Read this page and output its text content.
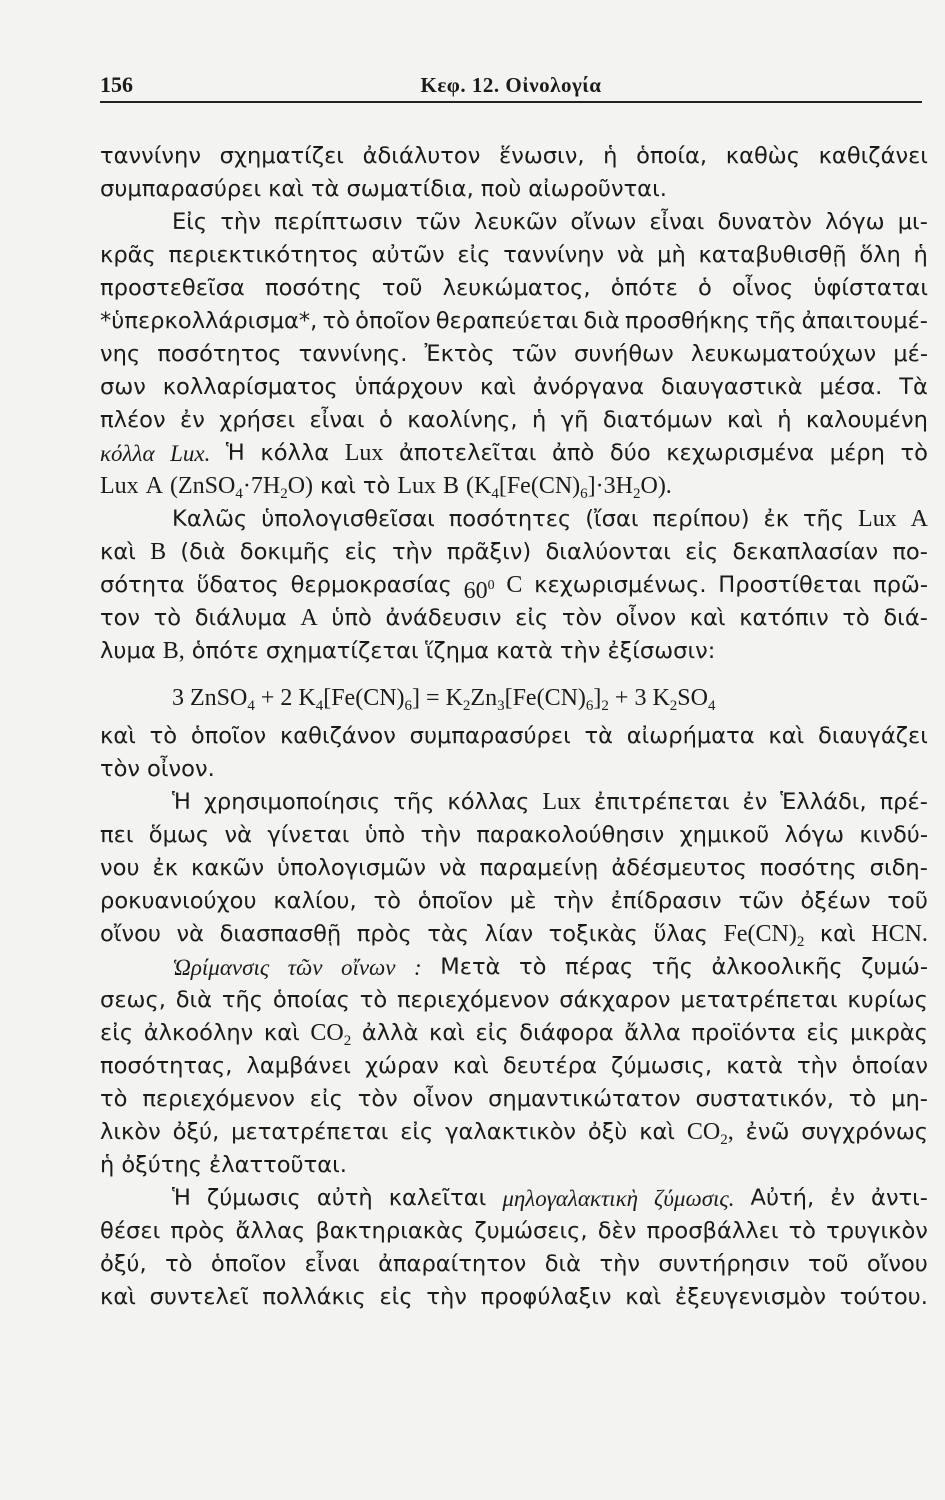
156	Κεφ. 12. Οἰνολογία
ταννίνην σχηματίζει ἀδιάλυτον ἕνωσιν, ἡ ὁποία, καθὼς καθιζάνει
συμπαρασύρει καὶ τὰ σωματίδια, ποὺ αἰωροῦνται.
Εἰς τὴν περίπτωσιν τῶν λευκῶν οἴνων εἶναι δυνατὸν λόγω μι-
κρᾶς περιεκτικότητος αὐτῶν εἰς ταννίνην νὰ μὴ καταβυθισθῇ ὅλη ἡ
προστεθεῖσα ποσότης τοῦ λευκώματος, ὁπότε ὁ οἶνος ὑφίσταται
*ὑπερκολλάρισμα*, τὸ ὁποῖον θεραπεύεται διὰ προσθήκης τῆς ἀπαιτουμέ-
νης ποσότητος ταννίνης. Ἐκτὸς τῶν συνήθων λευκωματούχων μέ-
σων κολλαρίσματος ὑπάρχουν καὶ ἀνόργανα διαυγαστικὰ μέσα. Τὰ
πλέον ἐν χρήσει εἶναι ὁ καολίνης, ἡ γῆ διατόμων καὶ ἡ καλουμένη
κόλλα Lux. Ἡ κόλλα Lux ἀποτελεῖται ἀπὸ δύο κεχωρισμένα μέρη τὸ
Lux A $(ZnSO_4\cdot 7H_2O)$ καὶ τὸ Lux B $(K_4[Fe(CN)_6]\cdot 3H_2O)$.
Καλῶς ὑπολογισθεῖσαι ποσότητες (ἴσαι περίπου) ἐκ τῆς Lux A
καὶ B (διὰ δοκιμῆς εἰς τὴν πρᾶξιν) διαλύονται εἰς δεκαπλασίαν πο-
σότητα ὕδατος θερμοκρασίας $60^0$ C κεχωρισμένως. Προστίθεται πρῶ-
τον τὸ διάλυμα A ὑπὸ ἀνάδευσιν εἰς τὸν οἶνον καὶ κατόπιν τὸ διά-
λυμα B, ὁπότε σχηματίζεται ἵζημα κατὰ τὴν ἐξίσωσιν:
3 ZnSO$_4$ + 2 $K_4[Fe(CN)_6] = K_2Zn_3[Fe(CN)_6]_2 + 3$ $K_2SO_4$
καὶ τὸ ὁποῖον καθιζάνον συμπαρασύρει τὰ αἰωρήματα καὶ διαυγάζει
τὸν οἶνον.
Ἡ χρησιμοποίησις τῆς κόλλας Lux ἐπιτρέπεται ἐν Ἑλλάδι, πρέ-
πει ὅμως νὰ γίνεται ὑπὸ τὴν παρακολούθησιν χημικοῦ λόγω κινδύ-
νου ἐκ κακῶν ὑπολογισμῶν νὰ παραμείνῃ ἀδέσμευτος ποσότης σιδη-
ροκυανιούχου καλίου, τὸ ὁποῖον μὲ τὴν ἐπίδρασιν τῶν ὀξέων τοῦ
οἴνου νὰ διασπασθῇ πρὸς τὰς λίαν τοξικὰς ὕλας $Fe(CN)_2$ καὶ HCN.
Ὡρίμανσις τῶν οἴνων : Μετὰ τὸ πέρας τῆς ἀλκοολικῆς ζυμώ-
σεως, διὰ τῆς ὁποίας τὸ περιεχόμενον σάκχαρον μετατρέπεται κυρίως
εἰς ἀλκοόλην καὶ $CO_2$ ἀλλὰ καὶ εἰς διάφορα ἄλλα προϊόντα εἰς μικρὰς
ποσότητας, λαμβάνει χώραν καὶ δευτέρα ζύμωσις, κατὰ τὴν ὁποίαν
τὸ περιεχόμενον εἰς τὸν οἶνον σημαντικώτατον συστατικόν, τὸ μη-
λικὸν ὀξύ, μετατρέπεται εἰς γαλακτικὸν ὀξὺ καὶ $CO_2$, ἐνῶ συγχρόνως
ἡ ὀξύτης ἐλαττοῦται.
Ἡ ζύμωσις αὐτὴ καλεῖται μηλογαλακτικὴ ζύμωσις. Αὐτή, ἐν ἀντι-
θέσει πρὸς ἄλλας βακτηριακὰς ζυμώσεις, δὲν προσβάλλει τὸ τρυγικὸν
ὀξύ, τὸ ὁποῖον εἶναι ἀπαραίτητον διὰ τὴν συντήρησιν τοῦ οἴνου
καὶ συντελεῖ πολλάκις εἰς τὴν προφύλαξιν καὶ ἐξευγενισμὸν τούτου.
